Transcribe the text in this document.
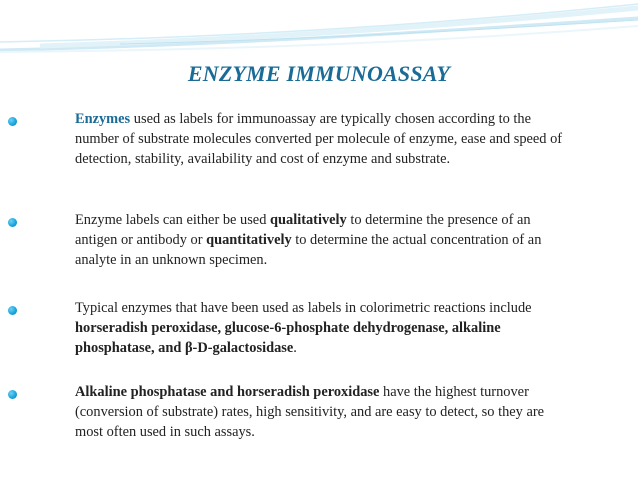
ENZYME IMMUNOASSAY
Enzymes used as labels for immunoassay are typically chosen according to the number of substrate molecules converted per molecule of enzyme, ease and speed of detection, stability, availability and cost of enzyme and substrate.
Enzyme labels can either be used qualitatively to determine the presence of an antigen or antibody or quantitatively to determine the actual concentration of an analyte in an unknown specimen.
Typical enzymes that have been used as labels in colorimetric reactions include horseradish peroxidase, glucose-6-phosphate dehydrogenase, alkaline phosphatase, and β-D-galactosidase.
Alkaline phosphatase and horseradish peroxidase have the highest turnover (conversion of substrate) rates, high sensitivity, and are easy to detect, so they are most often used in such assays.
